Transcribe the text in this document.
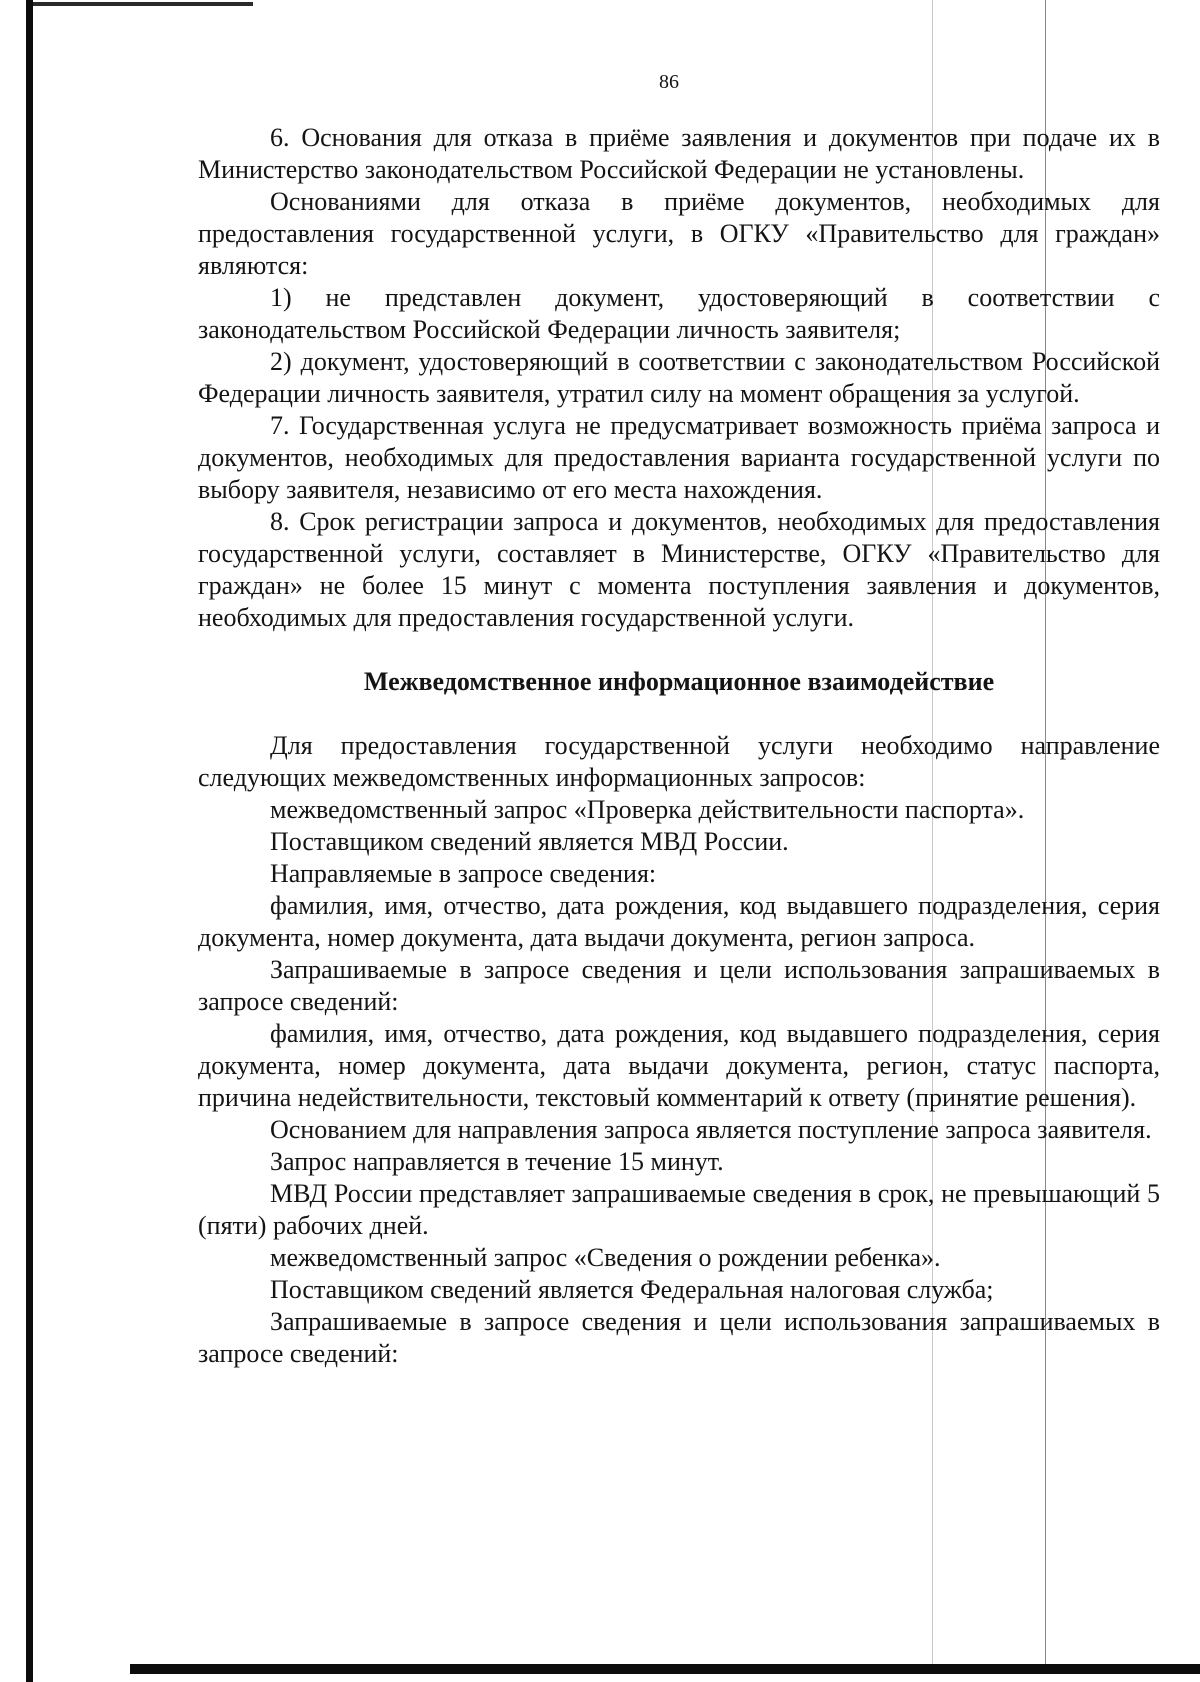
86

6. Основания для отказа в приёме заявления и документов при подаче их в Министерство законодательством Российской Федерации не установлены.

Основаниями для отказа в приёме документов, необходимых для предоставления государственной услуги, в ОГКУ «Правительство для граждан» являются:

1) не представлен документ, удостоверяющий в соответствии с законодательством Российской Федерации личность заявителя;

2) документ, удостоверяющий в соответствии с законодательством Российской Федерации личность заявителя, утратил силу на момент обращения за услугой.

7. Государственная услуга не предусматривает возможность приёма запроса и документов, необходимых для предоставления варианта государственной услуги по выбору заявителя, независимо от его места нахождения.

8. Срок регистрации запроса и документов, необходимых для предоставления государственной услуги, составляет в Министерстве, ОГКУ «Правительство для граждан» не более 15 минут с момента поступления заявления и документов, необходимых для предоставления государственной услуги.

Межведомственное информационное взаимодействие

Для предоставления государственной услуги необходимо направление следующих межведомственных информационных запросов:

межведомственный запрос «Проверка действительности паспорта».

Поставщиком сведений является МВД России.

Направляемые в запросе сведения:

фамилия, имя, отчество, дата рождения, код выдавшего подразделения, серия документа, номер документа, дата выдачи документа, регион запроса.

Запрашиваемые в запросе сведения и цели использования запрашиваемых в запросе сведений:

фамилия, имя, отчество, дата рождения, код выдавшего подразделения, серия документа, номер документа, дата выдачи документа, регион, статус паспорта, причина недействительности, текстовый комментарий к ответу (принятие решения).

Основанием для направления запроса является поступление запроса заявителя.

Запрос направляется в течение 15 минут.

МВД России представляет запрашиваемые сведения в срок, не превышающий 5 (пяти) рабочих дней.

межведомственный запрос «Сведения о рождении ребенка».

Поставщиком сведений является Федеральная налоговая служба;

Запрашиваемые в запросе сведения и цели использования запрашиваемых в запросе сведений:
